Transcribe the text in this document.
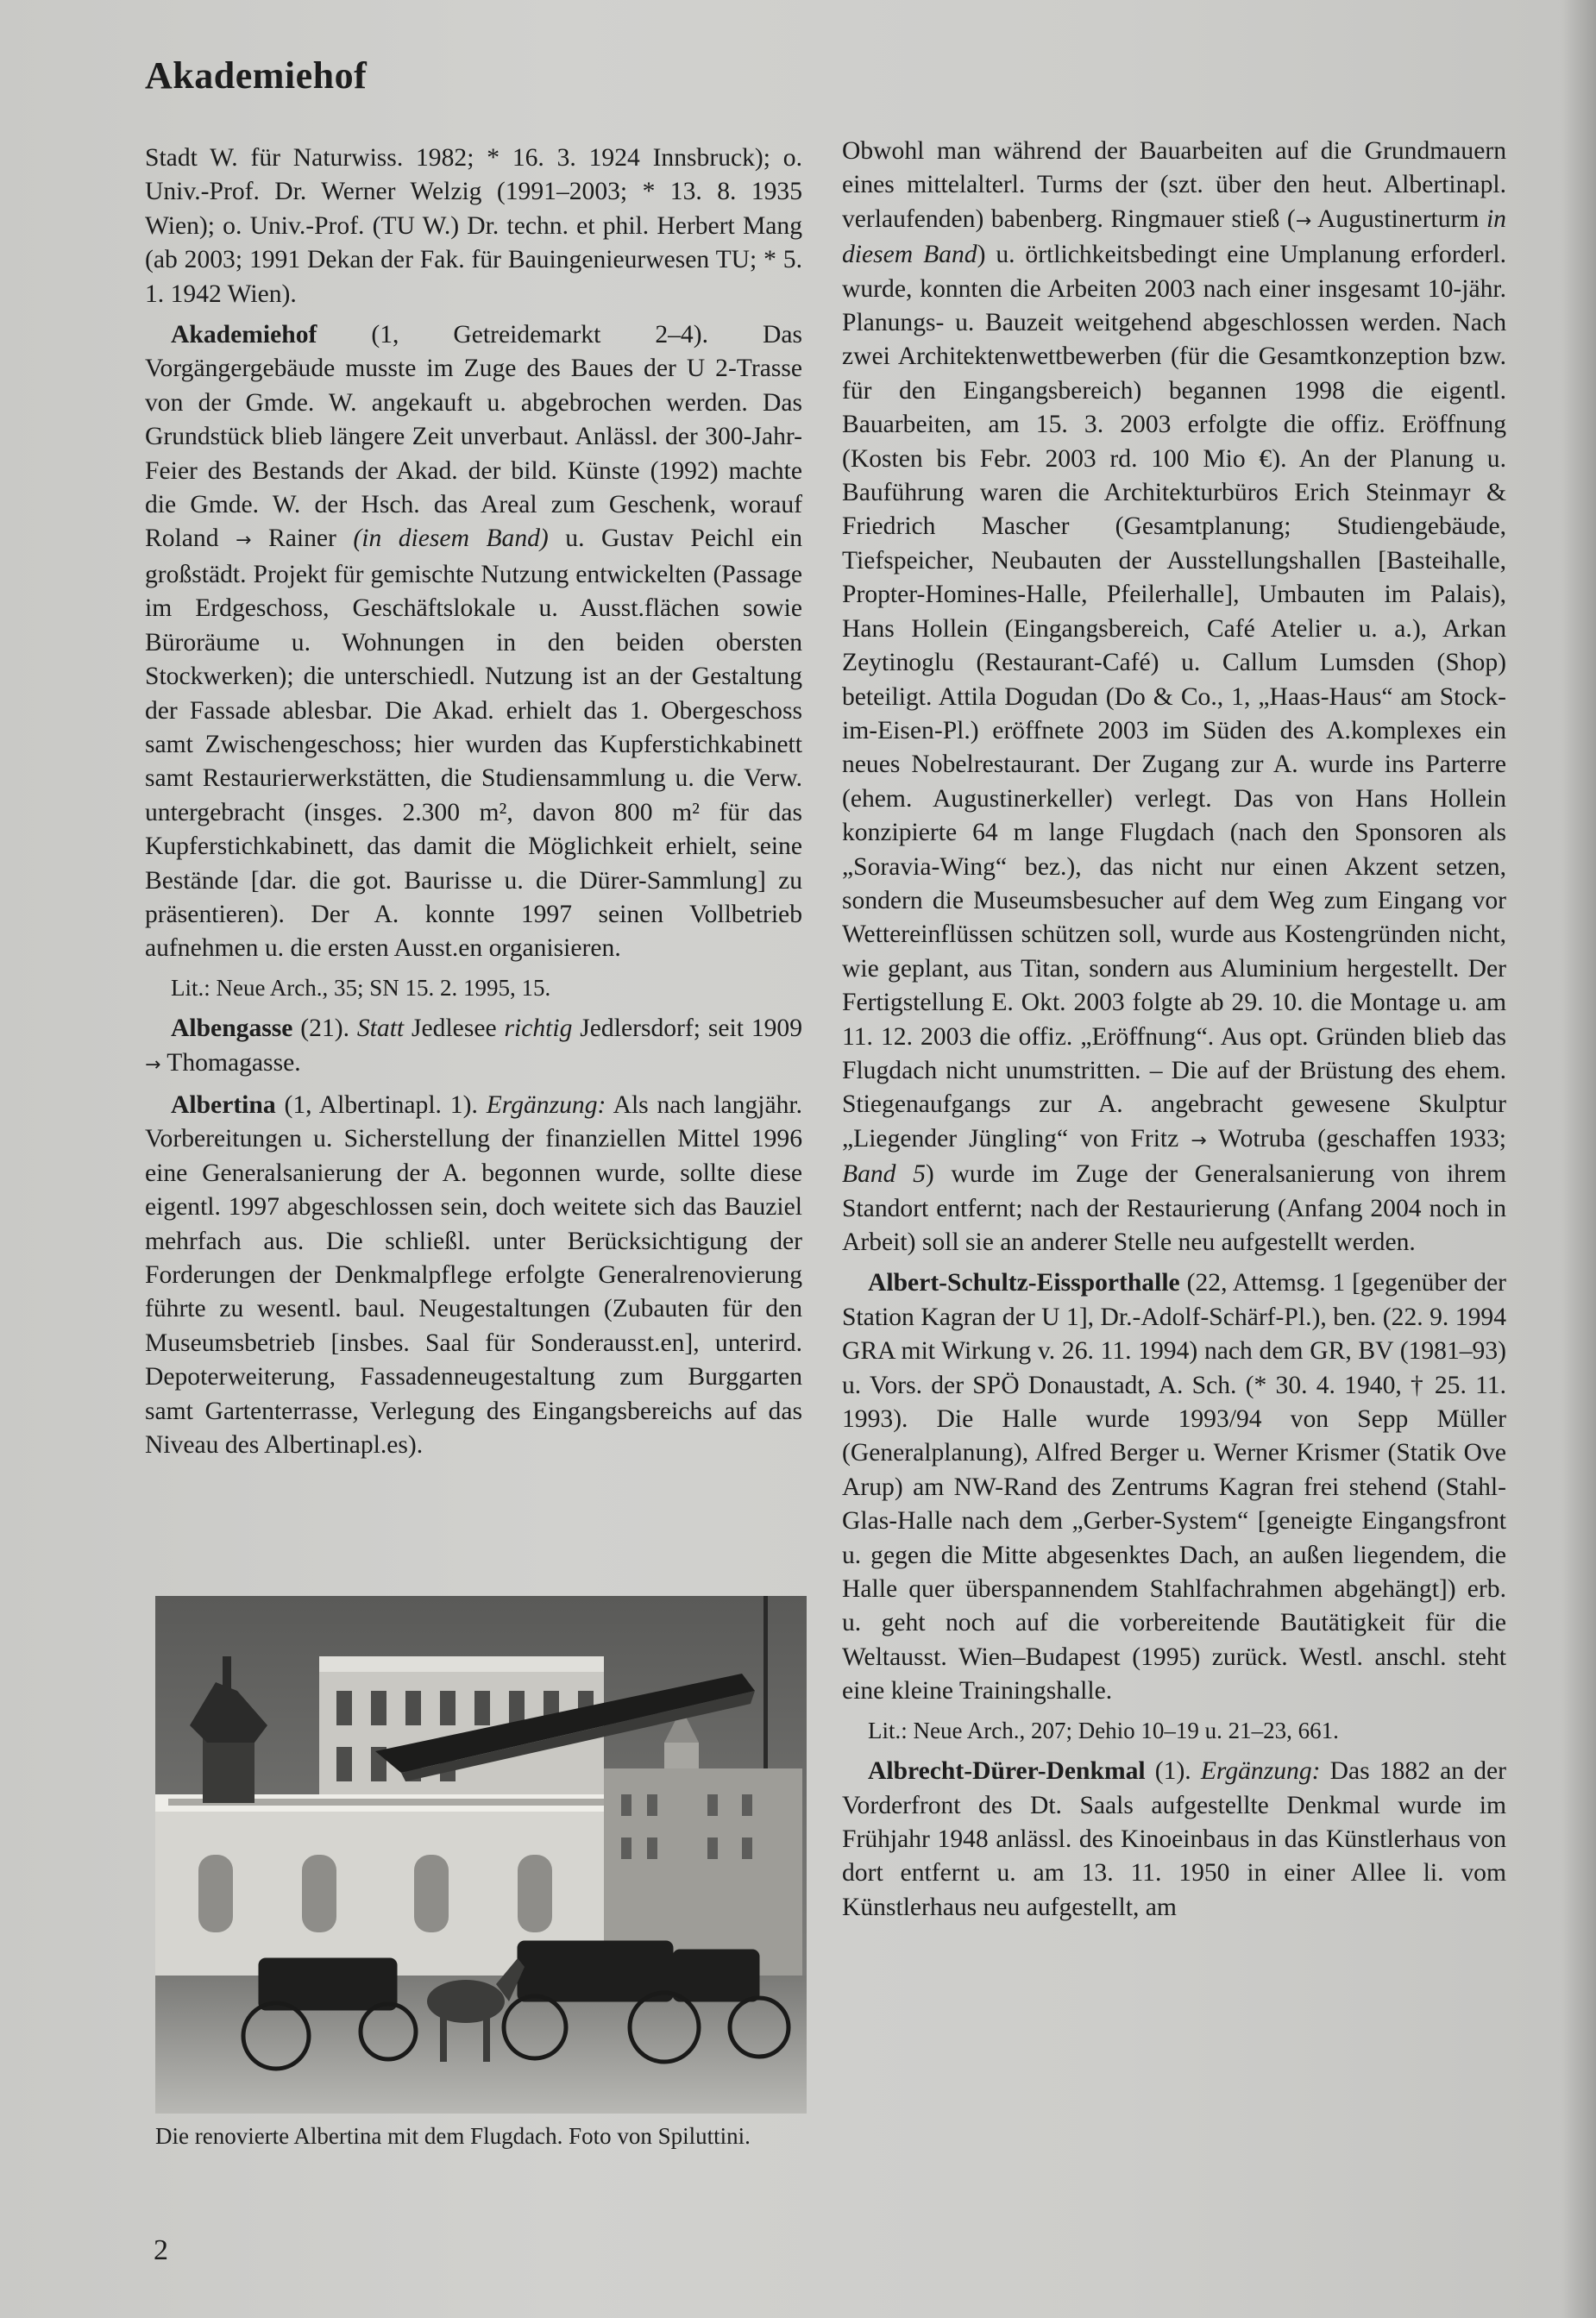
Akademiehof

Stadt W. für Naturwiss. 1982; * 16. 3. 1924 Innsbruck); o. Univ.-Prof. Dr. Werner Welzig (1991–2003; * 13. 8. 1935 Wien); o. Univ.-Prof. (TU W.) Dr. techn. et phil. Herbert Mang (ab 2003; 1991 Dekan der Fak. für Bauingenieurwesen TU; * 5. 1. 1942 Wien).

Akademiehof (1, Getreidemarkt 2–4). Das Vorgängergebäude musste im Zuge des Baues der U 2-Trasse von der Gmde. W. angekauft u. abgebrochen werden. Das Grundstück blieb längere Zeit unverbaut. Anlässl. der 300-Jahr-Feier des Bestands der Akad. der bild. Künste (1992) machte die Gmde. W. der Hsch. das Areal zum Geschenk, worauf Roland → Rainer (in diesem Band) u. Gustav Peichl ein großstädt. Projekt für gemischte Nutzung entwickelten (Passage im Erdgeschoss, Geschäftslokale u. Ausst.flächen sowie Büroräume u. Wohnungen in den beiden obersten Stockwerken); die unterschiedl. Nutzung ist an der Gestaltung der Fassade ablesbar. Die Akad. erhielt das 1. Obergeschoss samt Zwischengeschoss; hier wurden das Kupferstichkabinett samt Restaurierwerkstätten, die Studiensammlung u. die Verw. untergebracht (insges. 2.300 m², davon 800 m² für das Kupferstichkabinett, das damit die Möglichkeit erhielt, seine Bestände [dar. die got. Baurisse u. die Dürer-Sammlung] zu präsentieren). Der A. konnte 1997 seinen Vollbetrieb aufnehmen u. die ersten Ausst.en organisieren.

Lit.: Neue Arch., 35; SN 15. 2. 1995, 15.

Albengasse (21). Statt Jedlesee richtig Jedlersdorf; seit 1909 → Thomagasse.

Albertina (1, Albertinapl. 1). Ergänzung: Als nach langjähr. Vorbereitungen u. Sicherstellung der finanziellen Mittel 1996 eine Generalsanierung der A. begonnen wurde, sollte diese eigentl. 1997 abgeschlossen sein, doch weitete sich das Bauziel mehrfach aus. Die schließl. unter Berücksichtigung der Forderungen der Denkmalpflege erfolgte Generalrenovierung führte zu wesentl. baul. Neugestaltungen (Zubauten für den Museumsbetrieb [insbes. Saal für Sonderausst.en], unterird. Depoterweiterung, Fassadenneugestaltung zum Burggarten samt Gartenterrasse, Verlegung des Eingangsbereichs auf das Niveau des Albertinapl.es).

Die renovierte Albertina mit dem Flugdach. Foto von Spiluttini.

Obwohl man während der Bauarbeiten auf die Grundmauern eines mittelalterl. Turms der (szt. über den heut. Albertinapl. verlaufenden) babenberg. Ringmauer stieß (→ Augustinerturm in diesem Band) u. örtlichkeitsbedingt eine Umplanung erforderl. wurde, konnten die Arbeiten 2003 nach einer insgesamt 10-jähr. Planungs- u. Bauzeit weitgehend abgeschlossen werden. Nach zwei Architektenwettbewerben (für die Gesamtkonzeption bzw. für den Eingangsbereich) begannen 1998 die eigentl. Bauarbeiten, am 15. 3. 2003 erfolgte die offiz. Eröffnung (Kosten bis Febr. 2003 rd. 100 Mio €). An der Planung u. Bauführung waren die Architekturbüros Erich Steinmayr & Friedrich Mascher (Gesamtplanung; Studiengebäude, Tiefspeicher, Neubauten der Ausstellungshallen [Basteihalle, Propter-Homines-Halle, Pfeilerhalle], Umbauten im Palais), Hans Hollein (Eingangsbereich, Café Atelier u. a.), Arkan Zeytinoglu (Restaurant-Café) u. Callum Lumsden (Shop) beteiligt. Attila Dogudan (Do & Co., 1, „Haas-Haus“ am Stock-im-Eisen-Pl.) eröffnete 2003 im Süden des A.komplexes ein neues Nobelrestaurant. Der Zugang zur A. wurde ins Parterre (ehem. Augustinerkeller) verlegt. Das von Hans Hollein konzipierte 64 m lange Flugdach (nach den Sponsoren als „Soravia-Wing“ bez.), das nicht nur einen Akzent setzen, sondern die Museumsbesucher auf dem Weg zum Eingang vor Wettereinflüssen schützen soll, wurde aus Kostengründen nicht, wie geplant, aus Titan, sondern aus Aluminium hergestellt. Der Fertigstellung E. Okt. 2003 folgte ab 29. 10. die Montage u. am 11. 12. 2003 die offiz. „Eröffnung“. Aus opt. Gründen blieb das Flugdach nicht unumstritten. – Die auf der Brüstung des ehem. Stiegenaufgangs zur A. angebracht gewesene Skulptur „Liegender Jüngling“ von Fritz → Wotruba (geschaffen 1933; Band 5) wurde im Zuge der Generalsanierung von ihrem Standort entfernt; nach der Restaurierung (Anfang 2004 noch in Arbeit) soll sie an anderer Stelle neu aufgestellt werden.

Albert-Schultz-Eissporthalle (22, Attemsg. 1 [gegenüber der Station Kagran der U 1], Dr.-Adolf-Schärf-Pl.), ben. (22. 9. 1994 GRA mit Wirkung v. 26. 11. 1994) nach dem GR, BV (1981–93) u. Vors. der SPÖ Donaustadt, A. Sch. (* 30. 4. 1940, † 25. 11. 1993). Die Halle wurde 1993/94 von Sepp Müller (Generalplanung), Alfred Berger u. Werner Krismer (Statik Ove Arup) am NW-Rand des Zentrums Kagran frei stehend (Stahl-Glas-Halle nach dem „Gerber-System“ [geneigte Eingangsfront u. gegen die Mitte abgesenktes Dach, an außen liegendem, die Halle quer überspannendem Stahlfachrahmen abgehängt]) erb. u. geht noch auf die vorbereitende Bautätigkeit für die Weltausst. Wien–Budapest (1995) zurück. Westl. anschl. steht eine kleine Trainingshalle.

Lit.: Neue Arch., 207; Dehio 10–19 u. 21–23, 661.

Albrecht-Dürer-Denkmal (1). Ergänzung: Das 1882 an der Vorderfront des Dt. Saals aufgestellte Denkmal wurde im Frühjahr 1948 anlässl. des Kinoeinbaus in das Künstlerhaus von dort entfernt u. am 13. 11. 1950 in einer Allee li. vom Künstlerhaus neu aufgestellt, am

2
